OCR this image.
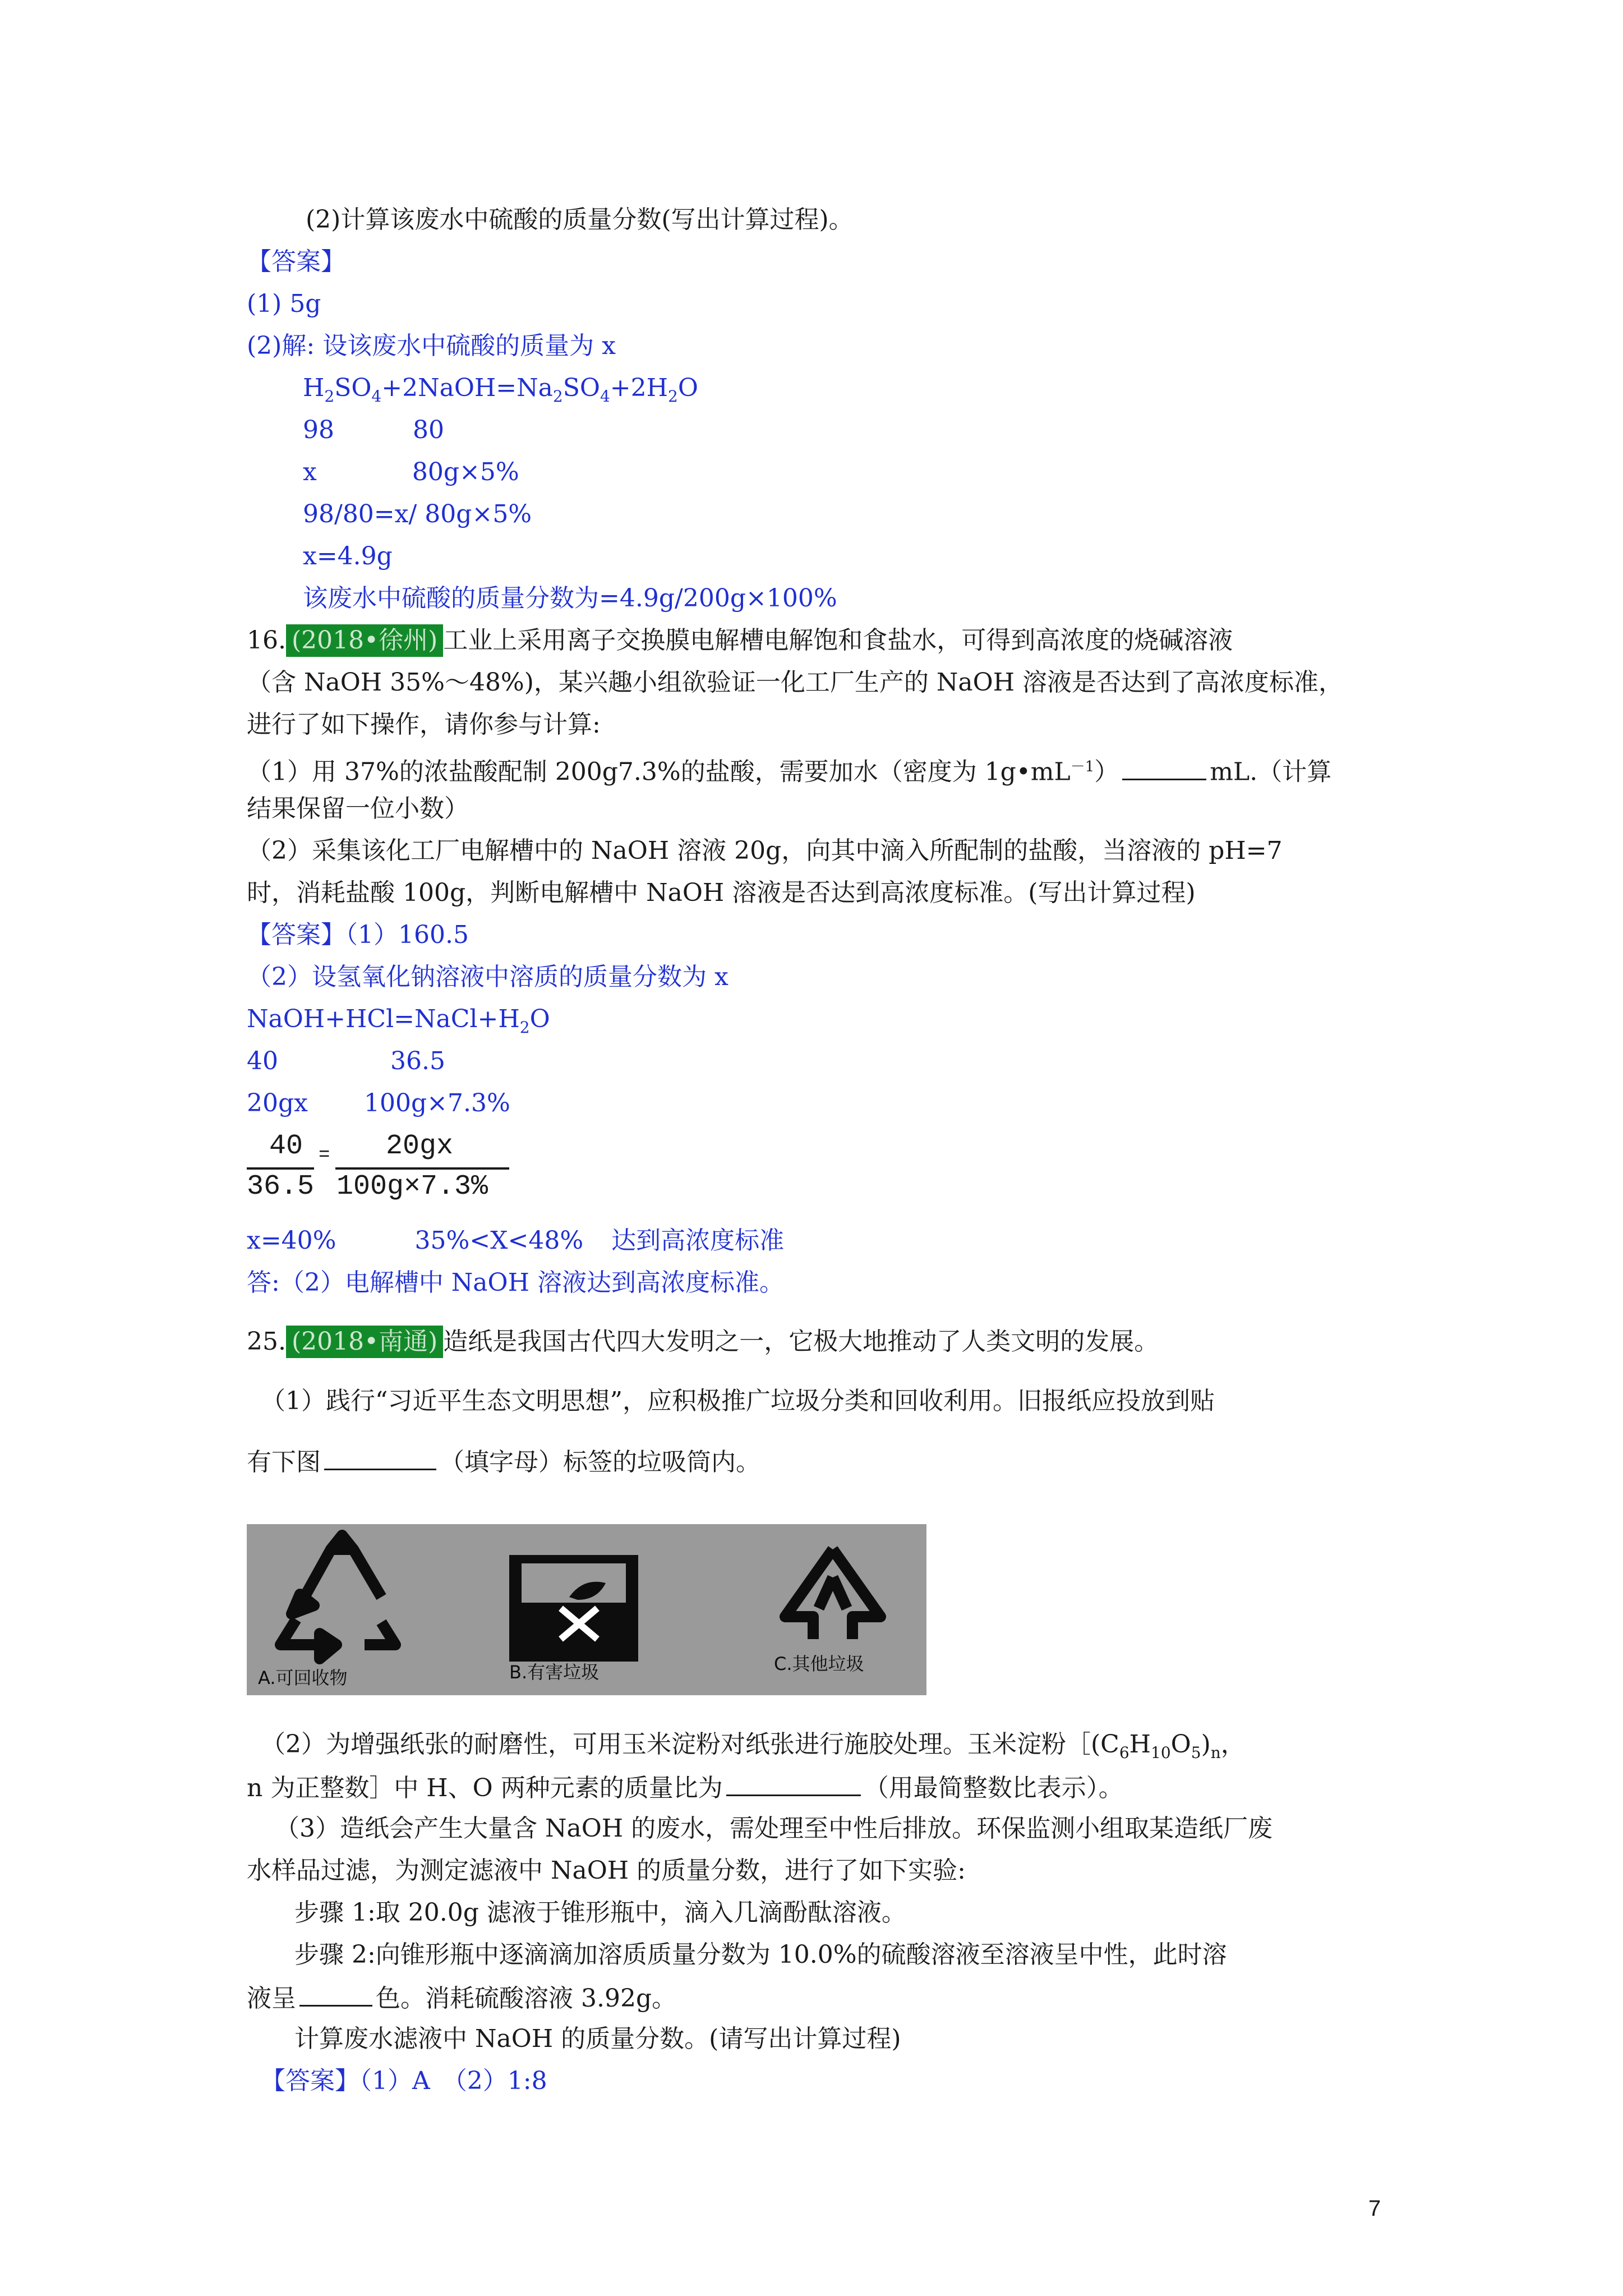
(2)计算该废水中硫酸的质量分数(写出计算过程)。
【答案】
(1) 5g
(2)解: 设该废水中硫酸的质量为 x
$H_2SO_4+2NaOH=Na_2SO_4+2H_2O$
98	80
x	80g×5%
98/80=x/ 80g×5%
x=4.9g
该废水中硫酸的质量分数为=4.9g/200g×100%
16. (2018•徐州) 工业上采用离子交换膜电解槽电解饱和食盐水，可得到高浓度的烧碱溶液
（含 NaOH 35%～48%)，某兴趣小组欲验证一化工厂生产的 NaOH 溶液是否达到了高浓度标准，
进行了如下操作，请你参与计算:
（1）用 37%的浓盐酸配制 200g7.3%的盐酸，需要加水（密度为 $1g•mL^{-1}$）	mL.（计算
结果保留一位小数）
（2）采集该化工厂电解槽中的 NaOH 溶液 20g，向其中滴入所配制的盐酸，当溶液的 pH=7
时，消耗盐酸 100g，判断电解槽中 NaOH 溶液是否达到高浓度标准。(写出计算过程)
【答案】（1）160.5
（2）设氢氧化钠溶液中溶质的质量分数为 x
$NaOH+HCl=NaCl+H_2O$
40	36.5
20gx 100g×7.3%
40
36.5
= 20gx
100g×7.3%
x=40%	35%<X<48% 达到高浓度标准
答:（2）电解槽中 NaOH 溶液达到高浓度标准。
25. (2018•南通) 造纸是我国古代四大发明之一，它极大地推动了人类文明的发展。
（1）践行“习近平生态文明思想”，应积极推广垃圾分类和回收利用。旧报纸应投放到贴
有下图	（填字母）标签的垃吸筒内。
A.可回收物	B.有害垃圾	C.其他垃圾
（2）为增强纸张的耐磨性，可用玉米淀粉对纸张进行施胶处理。玉米淀粉$[(C_6H_{10}O_5)_n$，
n 为正整数］中 H、O 两种元素的质量比为	（用最简整数比表示）。
（3）造纸会产生大量含 NaOH 的废水，需处理至中性后排放。环保监测小组取某造纸厂废
水样品过滤，为测定滤液中 NaOH 的质量分数，进行了如下实验:
步骤 1:取 20.0g 滤液于锥形瓶中，滴入几滴酚酞溶液。
步骤 2:向锥形瓶中逐滴滴加溶质质量分数为 10.0%的硫酸溶液至溶液呈中性，此时溶
液呈	色。消耗硫酸溶液 3.92g。
计算废水滤液中 NaOH 的质量分数。(请写出计算过程)
【答案】（1）A　（2）1:8
7
